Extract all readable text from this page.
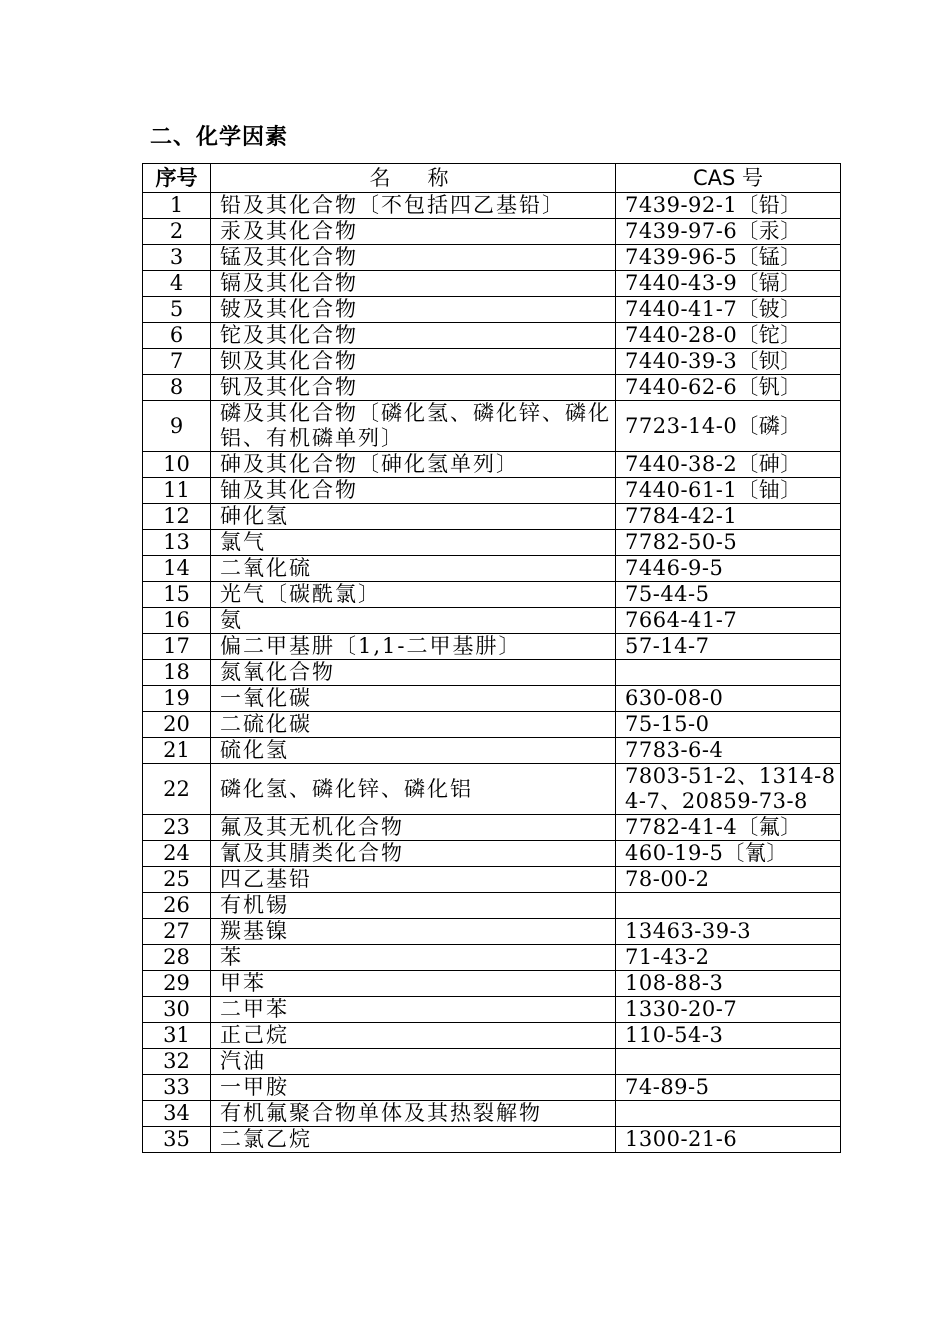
二、化学因素
序号	名　称	CAS 号
1	铅及其化合物〔不包括四乙基铅〕	7439-92-1〔铅〕
2	汞及其化合物	7439-97-6〔汞〕
3	锰及其化合物	7439-96-5〔锰〕
4	镉及其化合物	7440-43-9〔镉〕
5	铍及其化合物	7440-41-7〔铍〕
6	铊及其化合物	7440-28-0〔铊〕
7	钡及其化合物	7440-39-3〔钡〕
8	钒及其化合物	7440-62-6〔钒〕
9	磷及其化合物〔磷化氢、磷化锌、磷化铝、有机磷单列〕	7723-14-0〔磷〕
10	砷及其化合物〔砷化氢单列〕	7440-38-2〔砷〕
11	铀及其化合物	7440-61-1〔铀〕
12	砷化氢	7784-42-1
13	氯气	7782-50-5
14	二氧化硫	7446-9-5
15	光气〔碳酰氯〕	75-44-5
16	氨	7664-41-7
17	偏二甲基肼〔1,1-二甲基肼〕	57-14-7
18	氮氧化合物	
19	一氧化碳	630-08-0
20	二硫化碳	75-15-0
21	硫化氢	7783-6-4
22	磷化氢、磷化锌、磷化铝	7803-51-2、1314-84-7、20859-73-8
23	氟及其无机化合物	7782-41-4〔氟〕
24	氰及其腈类化合物	460-19-5〔氰〕
25	四乙基铅	78-00-2
26	有机锡	
27	羰基镍	13463-39-3
28	苯	71-43-2
29	甲苯	108-88-3
30	二甲苯	1330-20-7
31	正己烷	110-54-3
32	汽油	
33	一甲胺	74-89-5
34	有机氟聚合物单体及其热裂解物	
35	二氯乙烷	1300-21-6
